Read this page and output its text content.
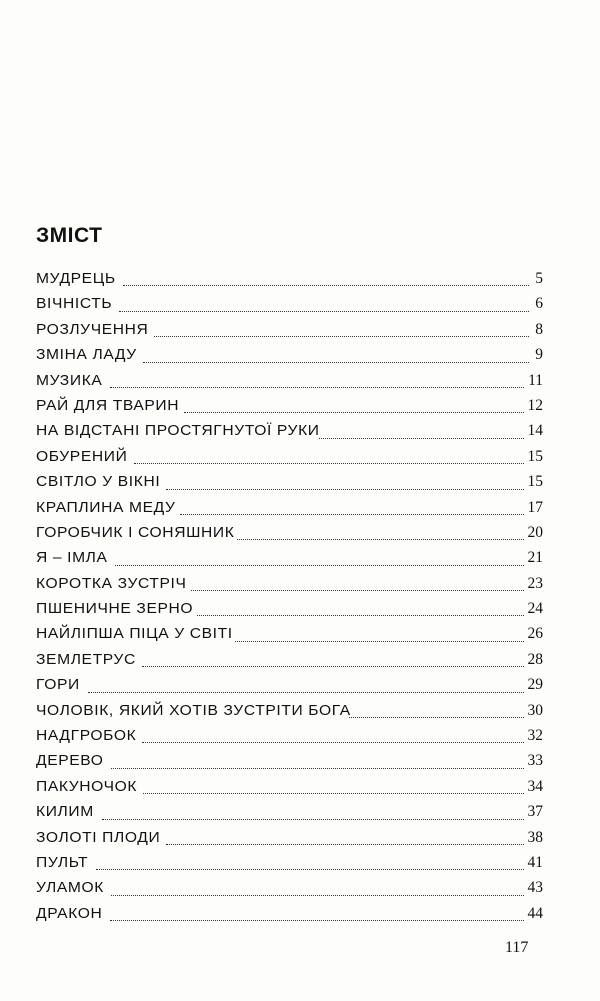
ЗМІСТ
МУДРЕЦЬ	5
ВІЧНІСТЬ	6
РОЗЛУЧЕННЯ	8
ЗМІНА ЛАДУ	9
МУЗИКА	11
РАЙ ДЛЯ ТВАРИН	12
НА ВІДСТАНІ ПРОСТЯГНУТОЇ РУКИ	14
ОБУРЕНИЙ	15
СВІТЛО У ВІКНІ	15
КРАПЛИНА МЕДУ	17
ГОРОБЧИК І СОНЯШНИК	20
Я – ІМЛА	21
КОРОТКА ЗУСТРІЧ	23
ПШЕНИЧНЕ ЗЕРНО	24
НАЙЛІПША ПІЦА У СВІТІ	26
ЗЕМЛЕТРУС	28
ГОРИ	29
ЧОЛОВІК, ЯКИЙ ХОТІВ ЗУСТРІТИ БОГА	30
НАДГРОБОК	32
ДЕРЕВО	33
ПАКУНОЧОК	34
КИЛИМ	37
ЗОЛОТІ ПЛОДИ	38
ПУЛЬТ	41
УЛАМОК	43
ДРАКОН	44
117
